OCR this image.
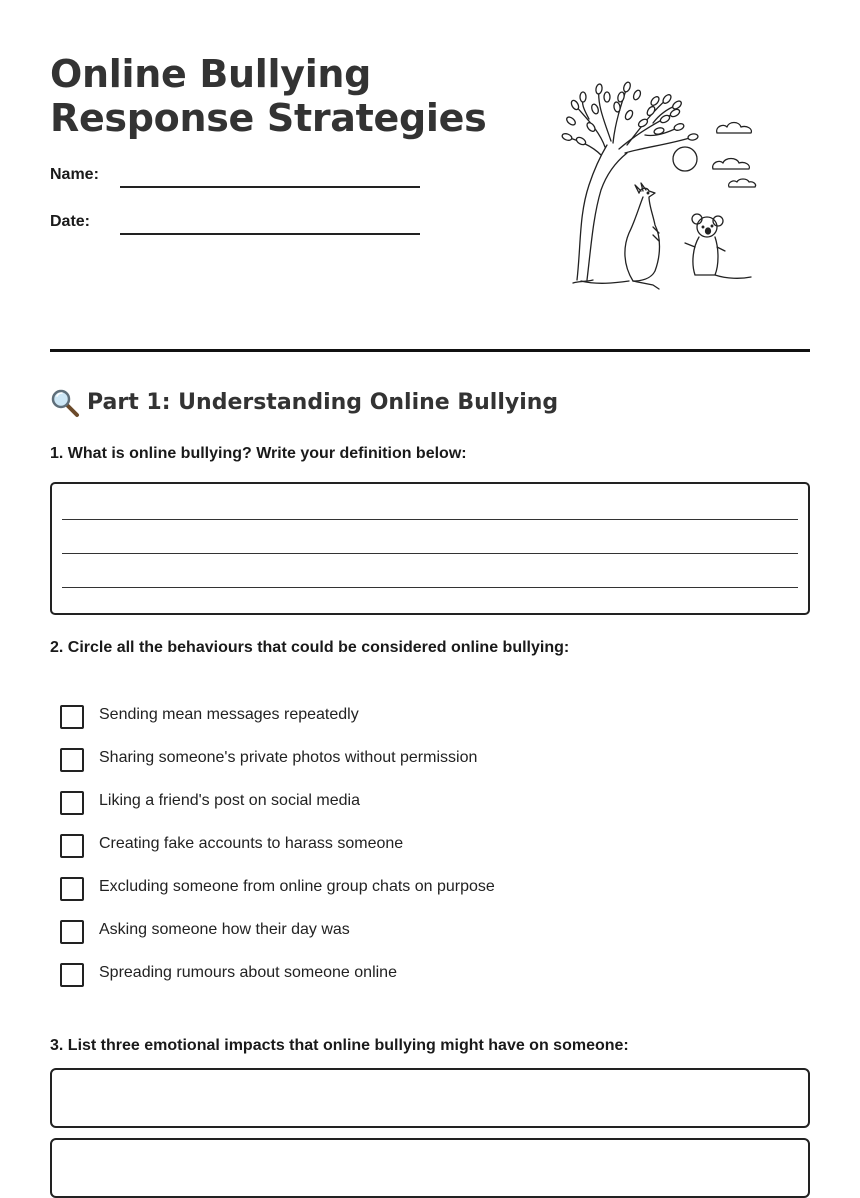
Online Bullying
Response Strategies
Name:
Date:
Part 1: Understanding Online Bullying

1. What is online bullying? Write your definition below:

2. Circle all the behaviours that could be considered online bullying:

Sending mean messages repeatedly
Sharing someone's private photos without permission
Liking a friend's post on social media
Creating fake accounts to harass someone
Excluding someone from online group chats on purpose
Asking someone how their day was
Spreading rumours about someone online

3. List three emotional impacts that online bullying might have on someone:
